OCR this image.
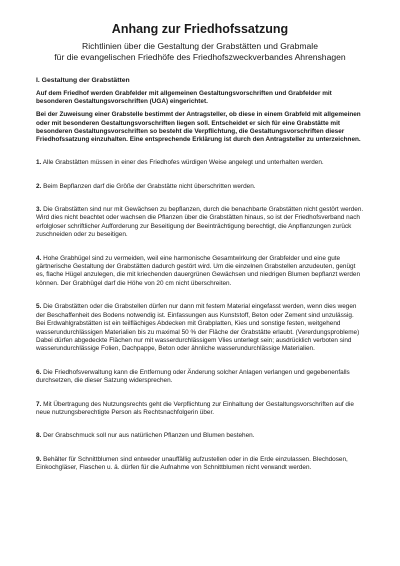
Anhang zur Friedhofssatzung

Richtlinien über die Gestaltung der Grabstätten und Grabmale

für die evangelischen Friedhöfe des Friedhofszweckverbandes Ahrenshagen

I. Gestaltung der Grabstätten

Auf dem Friedhof werden Grabfelder mit allgemeinen Gestaltungsvorschriften und Grabfelder mit besonderen Gestaltungsvorschriften (UGA) eingerichtet.

Bei der Zuweisung einer Grabstelle bestimmt der Antragsteller, ob diese in einem Grabfeld mit allgemeinen oder mit besonderen Gestaltungsvorschriften liegen soll. Entscheidet er sich für eine Grabstätte mit besonderen Gestaltungsvorschriften so besteht die Verpflichtung, die Gestaltungsvorschriften dieser Friedhofssatzung einzuhalten. Eine entsprechende Erklärung ist durch den Antragsteller zu unterzeichnen.

1. Alle Grabstätten müssen in einer des Friedhofes würdigen Weise angelegt und unterhalten werden.

2. Beim Bepflanzen darf die Größe der Grabstätte nicht überschritten werden.

3. Die Grabstätten sind nur mit Gewächsen zu bepflanzen, durch die benachbarte Grabstätten nicht gestört werden. Wird dies nicht beachtet oder wachsen die Pflanzen über die Grabstätten hinaus, so ist der Friedhofsverband nach erfolgloser schriftlicher Aufforderung zur Beseitigung der Beeinträchtigung berechtigt, die Anpflanzungen zurück zuschneiden oder zu beseitigen.

4. Hohe Grabhügel sind zu vermeiden, weil eine harmonische Gesamtwirkung der Grabfelder und eine gute gärtnerische Gestaltung der Grabstätten dadurch gestört wird. Um die einzelnen Grabstellen anzudeuten, genügt es, flache Hügel anzulegen, die mit kriechenden dauergrünen Gewächsen und niedrigen Blumen bepflanzt werden können. Der Grabhügel darf die Höhe von 20 cm nicht überschreiten.

5. Die Grabstätten oder die Grabstellen dürfen nur dann mit festem Material eingefasst werden, wenn dies wegen der Beschaffenheit des Bodens notwendig ist. Einfassungen aus Kunststoff, Beton oder Zement sind unzulässig.

Bei Erdwahlgrabstätten ist ein teilflächiges Abdecken mit Grabplatten, Kies und sonstige festen, weitgehend wasserundurchlässigen Materialien bis zu maximal 50 % der Fläche der Grabstätte erlaubt. (Vererdungsprobleme) Dabei dürfen abgedeckte Flächen nur mit wasserdurchlässigem Vlies unterlegt sein; ausdrücklich verboten sind wasserundurchlässige Folien, Dachpappe, Beton oder ähnliche wasserundurchlässige Materialien.

6. Die Friedhofsverwaltung kann die Entfernung oder Änderung solcher Anlagen verlangen und gegebenenfalls durchsetzen, die dieser Satzung widersprechen.

7. Mit Übertragung des Nutzungsrechts geht die Verpflichtung zur Einhaltung der Gestaltungsvorschriften auf die neue nutzungsberechtigte Person als Rechtsnachfolgerin über.

8. Der Grabschmuck soll nur aus natürlichen Pflanzen und Blumen bestehen.

9. Behälter für Schnittblumen sind entweder unauffällig aufzustellen oder in die Erde einzulassen. Blechdosen, Einkochgläser, Flaschen u. ä. dürfen für die Aufnahme von Schnittblumen nicht verwandt werden.
